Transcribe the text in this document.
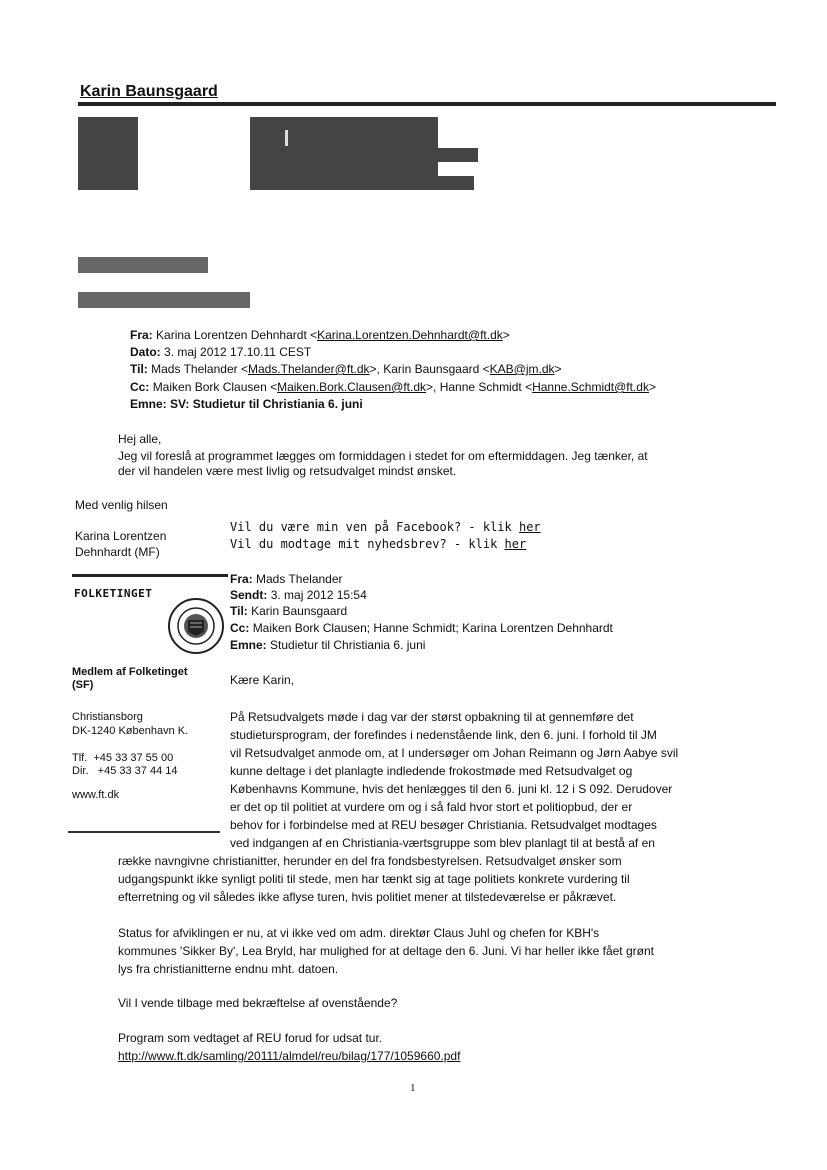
Karin Baunsgaard
Fra: Karina Lorentzen Dehnhardt <Karina.Lorentzen.Dehnhardt@ft.dk>
Dato: 3. maj 2012 17.10.11 CEST
Til: Mads Thelander <Mads.Thelander@ft.dk>, Karin Baunsgaard <KAB@jm.dk>
Cc: Maiken Bork Clausen <Maiken.Bork.Clausen@ft.dk>, Hanne Schmidt <Hanne.Schmidt@ft.dk>
Emne: SV: Studietur til Christiania 6. juni
Hej alle,
Jeg vil foreslå at programmet lægges om formiddagen i stedet for om eftermiddagen. Jeg tænker, at
der vil handelen være mest livlig og retsudvalget mindst ønsket.
Med venlig hilsen
Karina Lorentzen
Dehnhardt (MF)
Vil du være min ven på Facebook? - klik her
Vil du modtage mit nyhedsbrev? - klik her
FOLKETINGET
Medlem af Folketinget
(SF)
Christiansborg
DK-1240 København K.
Tlf.  +45 33 37 55 00
Dir.   +45 33 37 44 14
www.ft.dk
Fra: Mads Thelander
Sendt: 3. maj 2012 15:54
Til: Karin Baunsgaard
Cc: Maiken Bork Clausen; Hanne Schmidt; Karina Lorentzen Dehnhardt
Emne: Studietur til Christiania 6. juni
Kære Karin,
På Retsudvalgets møde i dag var der størst opbakning til at gennemføre det
studietursprogram, der forefindes i nedenstående link, den 6. juni. I forhold til JM
vil Retsudvalget anmode om, at I undersøger om Johan Reimann og Jørn Aabye svil
kunne deltage i det planlagte indledende frokostmøde med Retsudvalget og
Københavns Kommune, hvis det henlægges til den 6. juni kl. 12 i S 092. Derudover
er det op til politiet at vurdere om og i så fald hvor stort et politiopbud, der er
behov for i forbindelse med at REU besøger Christiania. Retsudvalget modtages
ved indgangen af en Christiania-værtsgruppe som blev planlagt til at bestå af en
række navngivne christianitter, herunder en del fra fondsbestyrelsen. Retsudvalget ønsker som
udgangspunkt ikke synligt politi til stede, men har tænkt sig at tage politiets konkrete vurdering til
efterretning og vil således ikke aflyse turen, hvis politiet mener at tilstedeværelse er påkrævet.
Status for afviklingen er nu, at vi ikke ved om adm. direktør Claus Juhl og chefen for KBH's
kommunes 'Sikker By', Lea Bryld, har mulighed for at deltage den 6. Juni. Vi har heller ikke fået grønt
lys fra christianitterne endnu mht. datoen.
Vil I vende tilbage med bekræftelse af ovenstående?
Program som vedtaget af REU forud for udsat tur.
http://www.ft.dk/samling/20111/almdel/reu/bilag/177/1059660.pdf
1
